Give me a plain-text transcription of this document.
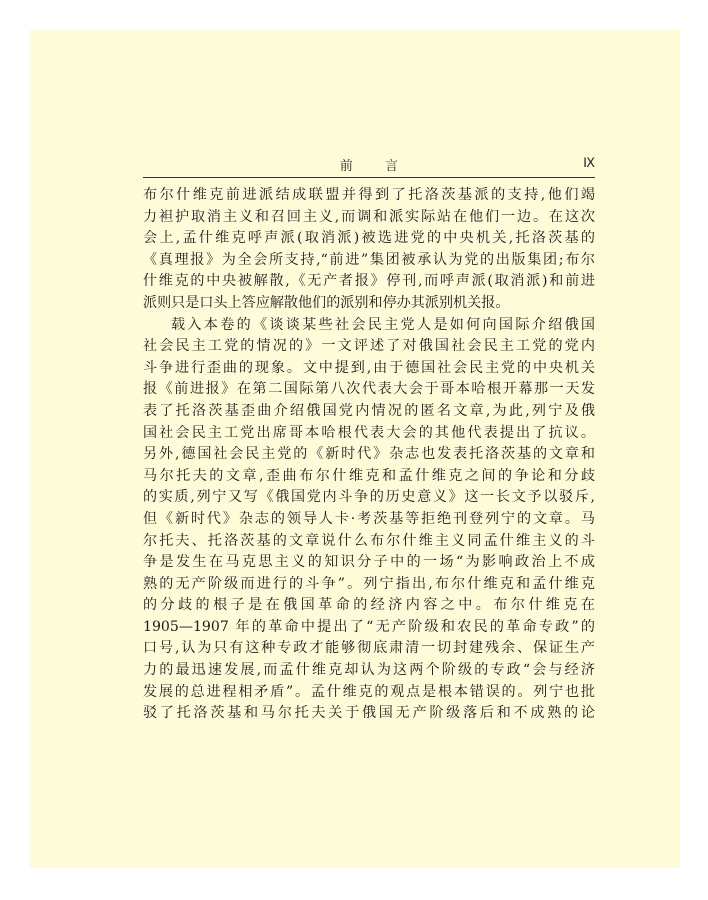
前 言	Ⅸ
布尔什维克前进派结成联盟并得到了托洛茨基派的支持,他们竭
力袒护取消主义和召回主义,而调和派实际站在他们一边。在这次
会上,孟什维克呼声派(取消派)被选进党的中央机关,托洛茨基的
《真理报》为全会所支持,“前进”集团被承认为党的出版集团;布尔
什维克的中央被解散,《无产者报》停刊,而呼声派(取消派)和前进
派则只是口头上答应解散他们的派别和停办其派别机关报。
载入本卷的《谈谈某些社会民主党人是如何向国际介绍俄国
社会民主工党的情况的》一文评述了对俄国社会民主工党的党内
斗争进行歪曲的现象。文中提到,由于德国社会民主党的中央机关
报《前进报》在第二国际第八次代表大会于哥本哈根开幕那一天发
表了托洛茨基歪曲介绍俄国党内情况的匿名文章,为此,列宁及俄
国社会民主工党出席哥本哈根代表大会的其他代表提出了抗议。
另外,德国社会民主党的《新时代》杂志也发表托洛茨基的文章和
马尔托夫的文章,歪曲布尔什维克和孟什维克之间的争论和分歧
的实质,列宁又写《俄国党内斗争的历史意义》这一长文予以驳斥,
但《新时代》杂志的领导人卡·考茨基等拒绝刊登列宁的文章。马
尔托夫、托洛茨基的文章说什么布尔什维主义同孟什维主义的斗
争是发生在马克思主义的知识分子中的一场“为影响政治上不成
熟的无产阶级而进行的斗争”。列宁指出,布尔什维克和孟什维克
的分歧的根子是在俄国革命的经济内容之中。布尔什维克在
1905—1907 年的革命中提出了“无产阶级和农民的革命专政”的
口号,认为只有这种专政才能够彻底肃清一切封建残余、保证生产
力的最迅速发展,而孟什维克却认为这两个阶级的专政“会与经济
发展的总进程相矛盾”。孟什维克的观点是根本错误的。列宁也批
驳了托洛茨基和马尔托夫关于俄国无产阶级落后和不成熟的论
